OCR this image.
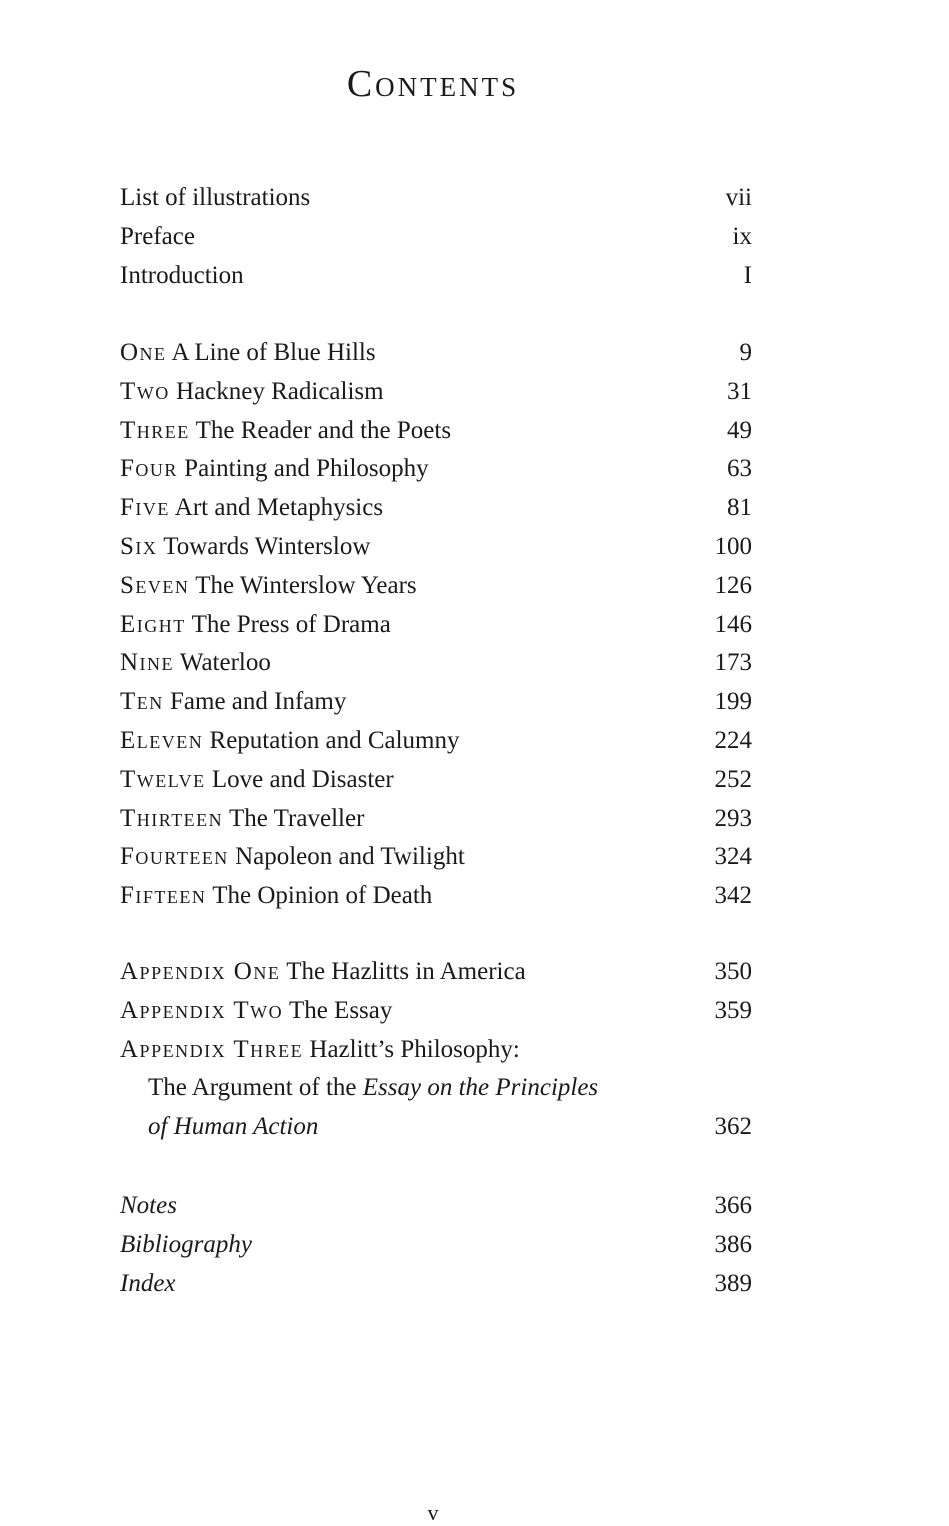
Contents
List of illustrations	vii
Preface	ix
Introduction	I
One A Line of Blue Hills	9
Two Hackney Radicalism	31
Three The Reader and the Poets	49
Four Painting and Philosophy	63
Five Art and Metaphysics	81
Six Towards Winterslow	100
Seven The Winterslow Years	126
Eight The Press of Drama	146
Nine Waterloo	173
Ten Fame and Infamy	199
Eleven Reputation and Calumny	224
Twelve Love and Disaster	252
Thirteen The Traveller	293
Fourteen Napoleon and Twilight	324
Fifteen The Opinion of Death	342
Appendix One The Hazlitts in America	350
Appendix Two The Essay	359
Appendix Three Hazlitt’s Philosophy:
The Argument of the Essay on the Principles
of Human Action	362
Notes	366
Bibliography	386
Index	389
v
